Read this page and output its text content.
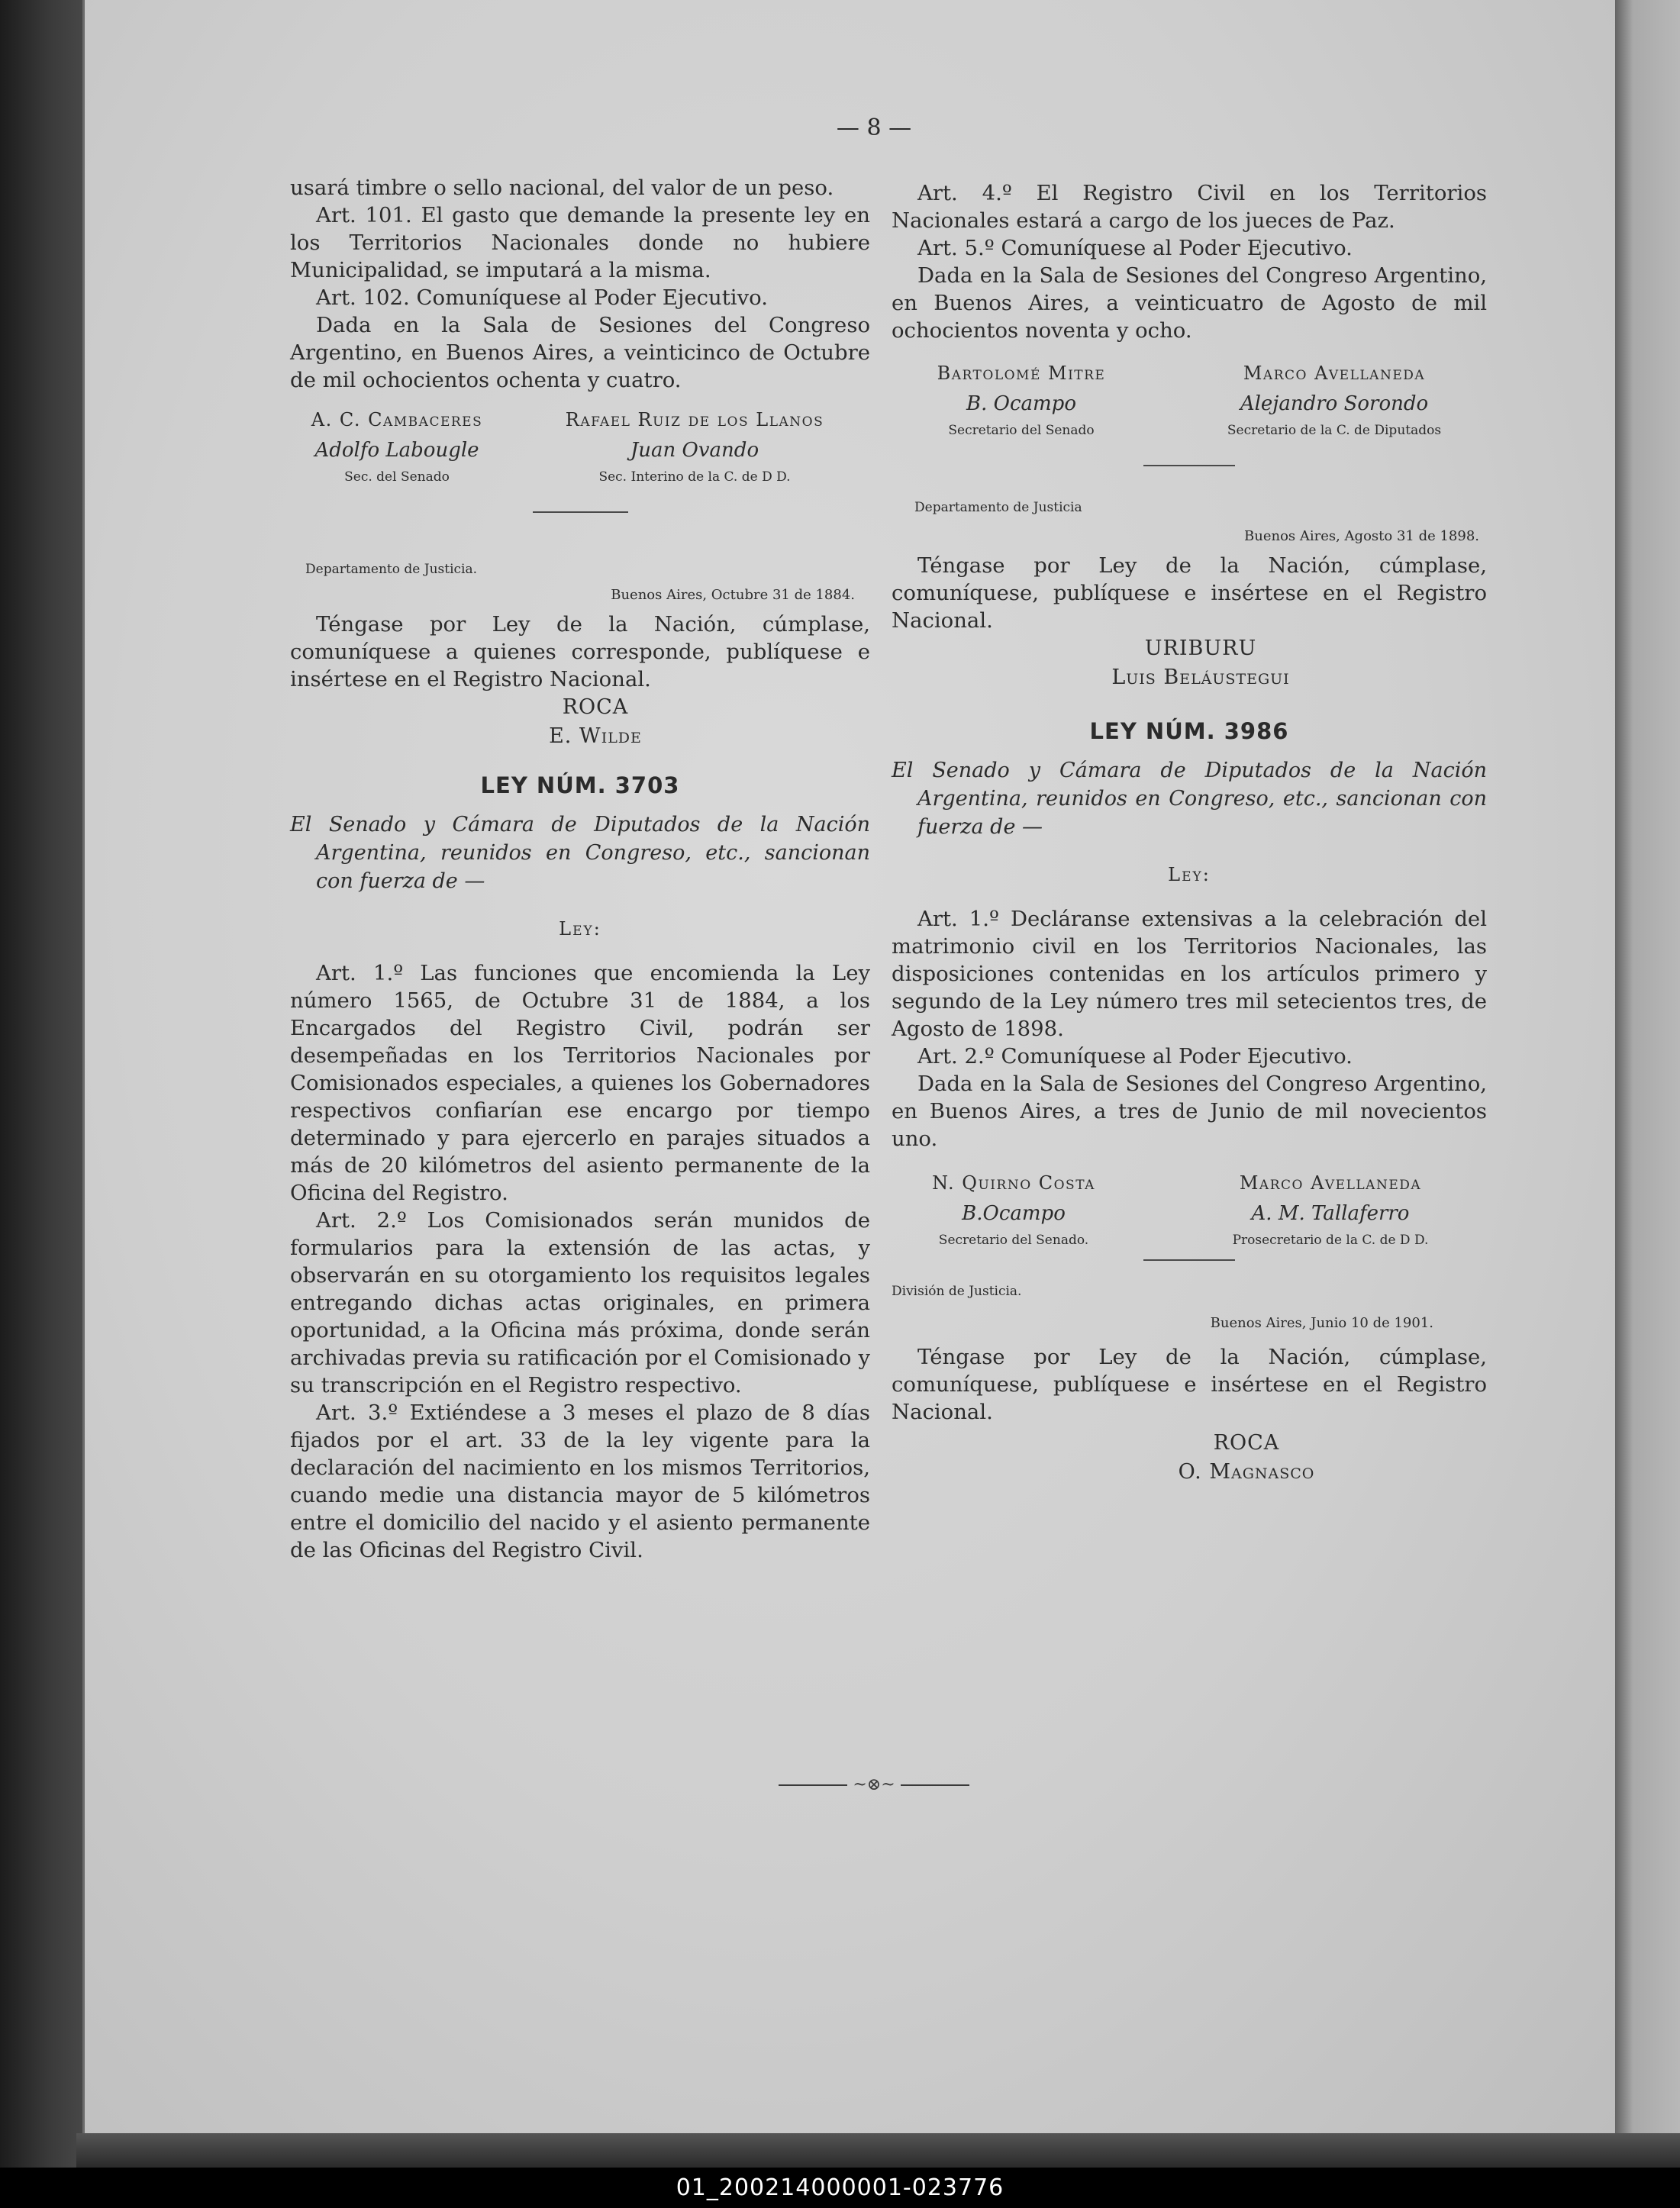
— 8 —

usará timbre o sello nacional, del valor de un peso.

Art. 101. El gasto que demande la presente ley en los Territorios Nacionales donde no hubiere Municipalidad, se imputará a la misma.

Art. 102. Comuníquese al Poder Ejecutivo.

Dada en la Sala de Sesiones del Congreso Argentino, en Buenos Aires, a veinticinco de Octubre de mil ochocientos ochenta y cuatro.

A. C. Cambaceres
Adolfo Labougle
Sec. del Senado
Rafael Ruiz de los Llanos
Juan Ovando
Sec. Interino de la C. de D D.
Departamento de Justicia.
Buenos Aires, Octubre 31 de 1884.

Téngase por Ley de la Nación, cúmplase, comuníquese a quienes corresponde, publíquese e insértese en el Registro Nacional.

ROCA
E. Wilde
LEY NÚM. 3703

El Senado y Cámara de Diputados de la Nación Argentina, reunidos en Congreso, etc., sancionan con fuerza de —

Ley:

Art. 1.º Las funciones que encomienda la Ley número 1565, de Octubre 31 de 1884, a los Encargados del Registro Civil, podrán ser desempeñadas en los Territorios Nacionales por Comisionados especiales, a quienes los Gobernadores respectivos confiarían ese encargo por tiempo determinado y para ejercerlo en parajes situados a más de 20 kilómetros del asiento permanente de la Oficina del Registro.

Art. 2.º Los Comisionados serán munidos de formularios para la extensión de las actas, y observarán en su otorgamiento los requisitos legales entregando dichas actas originales, en primera oportunidad, a la Oficina más próxima, donde serán archivadas previa su ratificación por el Comisionado y su transcripción en el Registro respectivo.

Art. 3.º Extiéndese a 3 meses el plazo de 8 días fijados por el art. 33 de la ley vigente para la declaración del nacimiento en los mismos Territorios, cuando medie una distancia mayor de 5 kilómetros entre el domicilio del nacido y el asiento permanente de las Oficinas del Registro Civil.

Art. 4.º El Registro Civil en los Territorios Nacionales estará a cargo de los jueces de Paz.

Art. 5.º Comuníquese al Poder Ejecutivo.

Dada en la Sala de Sesiones del Congreso Argentino, en Buenos Aires, a veinticuatro de Agosto de mil ochocientos noventa y ocho.

Bartolomé Mitre
B. Ocampo
Secretario del Senado
Marco Avellaneda
Alejandro Sorondo
Secretario de la C. de Diputados
Departamento de Justicia
Buenos Aires, Agosto 31 de 1898.

Téngase por Ley de la Nación, cúmplase, comuníquese, publíquese e insértese en el Registro Nacional.

URIBURU
Luis Beláustegui
LEY NÚM. 3986

El Senado y Cámara de Diputados de la Nación Argentina, reunidos en Congreso, etc., sancionan con fuerza de —

Ley:

Art. 1.º Decláranse extensivas a la celebración del matrimonio civil en los Territorios Nacionales, las disposiciones contenidas en los artículos primero y segundo de la Ley número tres mil setecientos tres, de Agosto de 1898.

Art. 2.º Comuníquese al Poder Ejecutivo.

Dada en la Sala de Sesiones del Congreso Argentino, en Buenos Aires, a tres de Junio de mil novecientos uno.

N. Quirno Costa
B.Ocampo
Secretario del Senado.
Marco Avellaneda
A. M. Tallaferro
Prosecretario de la C. de D D.
División de Justicia.
Buenos Aires, Junio 10 de 1901.

Téngase por Ley de la Nación, cúmplase, comuníquese, publíquese e insértese en el Registro Nacional.

ROCA
O. Magnasco
~⊗~
01_200214000001-023776
